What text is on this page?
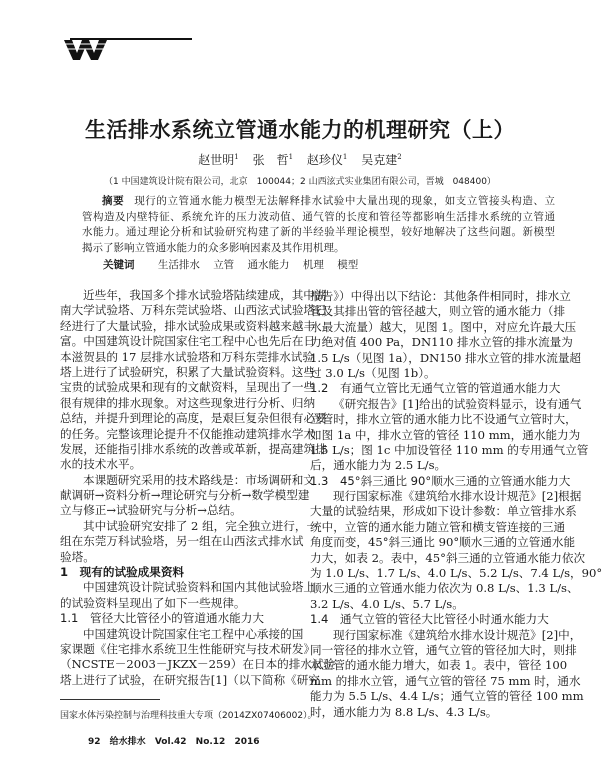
生活排水系统立管通水能力的机理研究（上）
赵世明$^1$ 张　哲$^1$ 赵珍仪$^1$ 吴克建$^2$
（1 中国建筑设计院有限公司，北京　100044；2 山西泫式实业集团有限公司，晋城　048400）
摘要 现行的立管通水能力模型无法解释排水试验中大量出现的现象，如支立管接头构造、立
管构造及内壁特征、系统允许的压力波动值、通气管的长度和管径等都影响生活排水系统的立管通
水能力。通过理论分析和试验研究构建了新的半经验半理论模型，较好地解决了这些问题。新模型
揭示了影响立管通水能力的众多影响因素及其作用机理。
关键词 生活排水 立管 通水能力 机理 模型
近些年，我国多个排水试验塔陆续建成，其中湖
南大学试验塔、万科东莞试验塔、山西泫式试验塔已
经进行了大量试验，排水试验成果或资料越来越丰
富。中国建筑设计院国家住宅工程中心也先后在日
本滋贺县的 17 层排水试验塔和万科东莞排水试验
塔上进行了试验研究，积累了大量试验资料。这些
宝贵的试验成果和现有的文献资料，呈现出了一些
很有规律的排水现象。对这些现象进行分析、归纳
总结，并提升到理论的高度，是艰巨复杂但很有必要
的任务。完整该理论提升不仅能推动建筑排水学术
发展，还能指引排水系统的改善或革新，提高建筑排
水的技术水平。
本课题研究采用的技术路线是：市场调研和文
献调研→资料分析→理论研究与分析→数学模型建
立与修正→试验研究与分析→总结。
其中试验研究安排了 2 组，完全独立进行，一
组在东莞万科试验塔，另一组在山西泫式排水试
验塔。
1　现有的试验成果资料
中国建筑设计院试验资料和国内其他试验塔上
的试验资料呈现出了如下一些规律。
1.1　管径大比管径小的管道通水能力大
中国建筑设计院国家住宅工程中心承接的国
家课题《住宅排水系统卫生性能研究与技术研发》
（NCSTE－2003－JKZX－259）在日本的排水试验
塔上进行了试验，在研究报告[1]（以下简称《研究
报告》）中得出以下结论：其他条件相同时，排水立
管及其排出管的管径越大，则立管的通水能力（排
水最大流量）越大，见图 1。图中，对应允许最大压
力绝对值 400 Pa，DN110 排水立管的排水流量为
1.5 L/s（见图 1a），DN150 排水立管的排水流量超
过 3.0 L/s（见图 1b）。
1.2　有通气立管比无通气立管的管道通水能力大
《研究报告》[1]给出的试验资料显示，设有通气
立管时，排水立管的通水能力比不设通气立管时大，
如图 1a 中，排水立管的管径 110 mm，通水能力为
1.5 L/s；图 1c 中加设管径 110 mm 的专用通气立管
后，通水能力为 2.5 L/s。
1.3　45°斜三通比 90°顺水三通的立管通水能力大
现行国家标准《建筑给水排水设计规范》[2]根据
大量的试验结果，形成如下设计参数：单立管排水系
统中，立管的通水能力随立管和横支管连接的三通
角度而变，45°斜三通比 90°顺水三通的立管通水能
力大，如表 2。表中，45°斜三通的立管通水能力依次
为 1.0 L/s、1.7 L/s、4.0 L/s、5.2 L/s、7.4 L/s，90°
顺水三通的立管通水能力依次为 0.8 L/s、1.3 L/s、
3.2 L/s、4.0 L/s、5.7 L/s。
1.4　通气立管的管径大比管径小时通水能力大
现行国家标准《建筑给水排水设计规范》[2]中，
同一管径的排水立管，通气立管的管径加大时，则排
水立管的通水能力增大，如表 1。表中，管径 100
mm 的排水立管，通气立管的管径 75 mm 时，通水
能力为 5.5 L/s、4.4 L/s；通气立管的管径 100 mm
时，通水能力为 8.8 L/s、4.3 L/s。
国家水体污染控制与治理科技重大专项（2014ZX07406002）。
92 给水排水 Vol.42 No.12 2016
